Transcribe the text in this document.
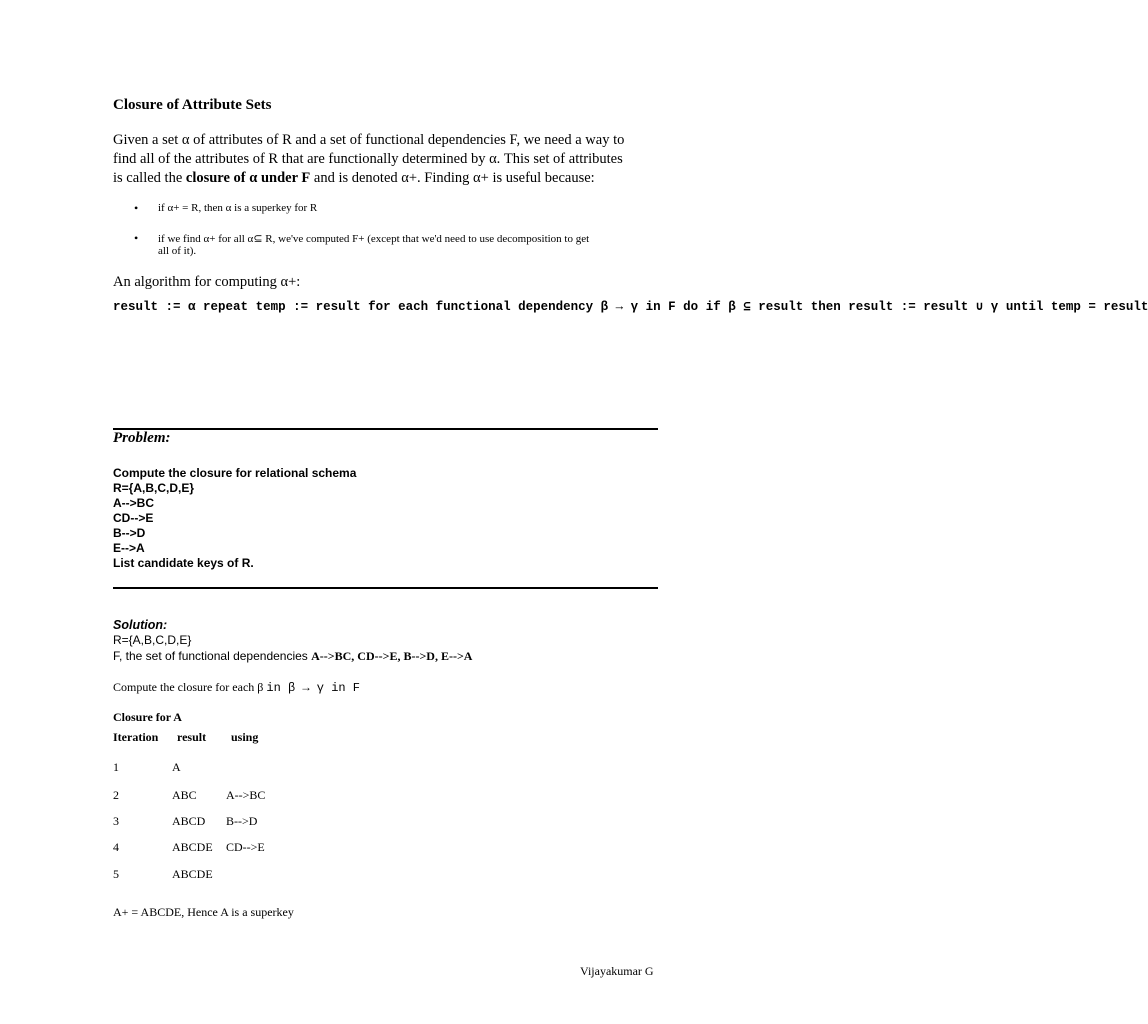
Closure of Attribute Sets
Given a set α of attributes of R and a set of functional dependencies F, we need a way to
find all of the attributes of R that are functionally determined by α. This set of attributes
is called the closure of α under F and is denoted α+. Finding α+ is useful because:
• if α+ = R, then α is a superkey for R
• if we find α+ for all α⊆ R, we've computed F+ (except that we'd need to use decomposition to get
all of it).
An algorithm for computing α+:
result := α repeat temp := result for each functional dependency β → γ in F do if β ⊆ result then result := result ∪ γ until temp = result
Problem:
Compute the closure for relational schema
R={A,B,C,D,E}
A-->BC
CD-->E
B-->D
E-->A
List candidate keys of R.
Solution:
R={A,B,C,D,E}
F, the set of functional dependencies A-->BC, CD-->E, B-->D, E-->A
Compute the closure for each β in β → γ in F
Closure for A
Iteration result using
1	A
2	ABC A-->BC
3	ABCD B-->D
4	ABCDE CD-->E
5	ABCDE
A+ = ABCDE, Hence A is a superkey
Vijayakumar G
